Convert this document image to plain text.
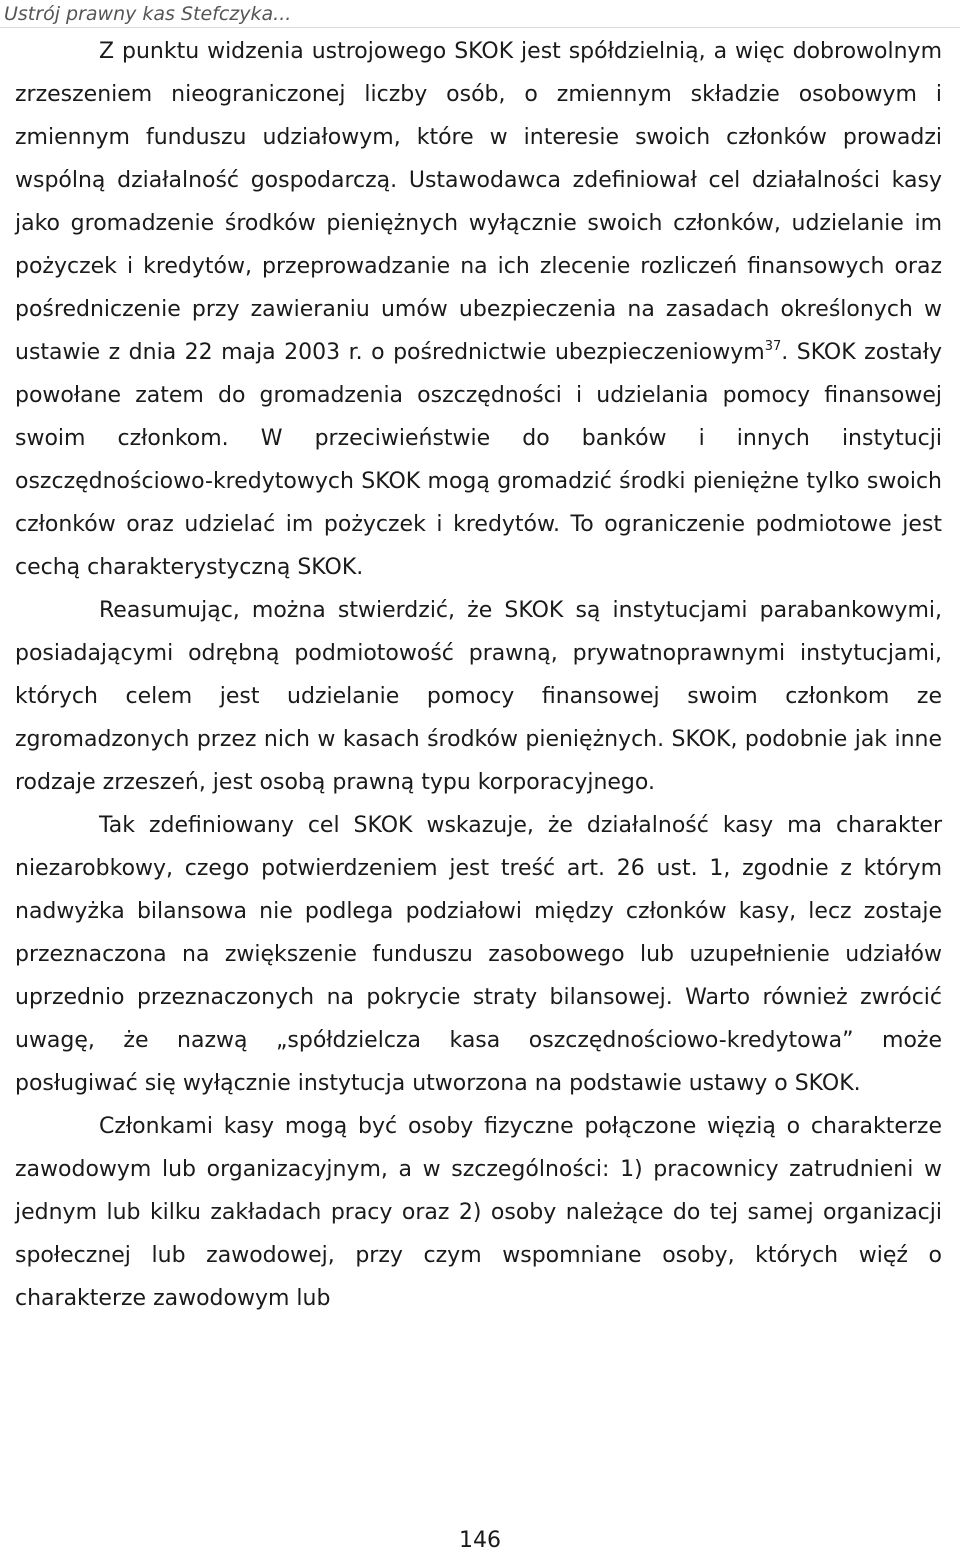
Ustrój prawny kas Stefczyka...

Z punktu widzenia ustrojowego SKOK jest spółdzielnią, a więc dobrowolnym zrzeszeniem nieograniczonej liczby osób, o zmiennym składzie osobowym i zmiennym funduszu udziałowym, które w interesie swoich członków prowadzi wspólną działalność gospodarczą. Ustawodawca zdefiniował cel działalności kasy jako gromadzenie środków pieniężnych wyłącznie swoich członków, udzielanie im pożyczek i kredytów, przeprowadzanie na ich zlecenie rozliczeń finansowych oraz pośredniczenie przy zawieraniu umów ubezpieczenia na zasadach określonych w ustawie z dnia 22 maja 2003 r. o pośrednictwie ubezpieczeniowym$^{37}$. SKOK zostały powołane zatem do gromadzenia oszczędności i udzielania pomocy finansowej swoim członkom. W przeciwieństwie do banków i innych instytucji oszczędnościowo-kredytowych SKOK mogą gromadzić środki pieniężne tylko swoich członków oraz udzielać im pożyczek i kredytów. To ograniczenie podmiotowe jest cechą charakterystyczną SKOK.

Reasumując, można stwierdzić, że SKOK są instytucjami parabankowymi, posiadającymi odrębną podmiotowość prawną, prywatnoprawnymi instytucjami, których celem jest udzielanie pomocy finansowej swoim członkom ze zgromadzonych przez nich w kasach środków pieniężnych. SKOK, podobnie jak inne rodzaje zrzeszeń, jest osobą prawną typu korporacyjnego.

Tak zdefiniowany cel SKOK wskazuje, że działalność kasy ma charakter niezarobkowy, czego potwierdzeniem jest treść art. 26 ust. 1, zgodnie z którym nadwyżka bilansowa nie podlega podziałowi między członków kasy, lecz zostaje przeznaczona na zwiększenie funduszu zasobowego lub uzupełnienie udziałów uprzednio przeznaczonych na pokrycie straty bilansowej. Warto również zwrócić uwagę, że nazwą „spółdzielcza kasa oszczędnościowo-kredytowa” może posługiwać się wyłącznie instytucja utworzona na podstawie ustawy o SKOK.

Członkami kasy mogą być osoby fizyczne połączone więzią o charakterze zawodowym lub organizacyjnym, a w szczególności: 1) pracownicy zatrudnieni w jednym lub kilku zakładach pracy oraz 2) osoby należące do tej samej organizacji społecznej lub zawodowej, przy czym wspomniane osoby, których więź o charakterze zawodowym lub

146
